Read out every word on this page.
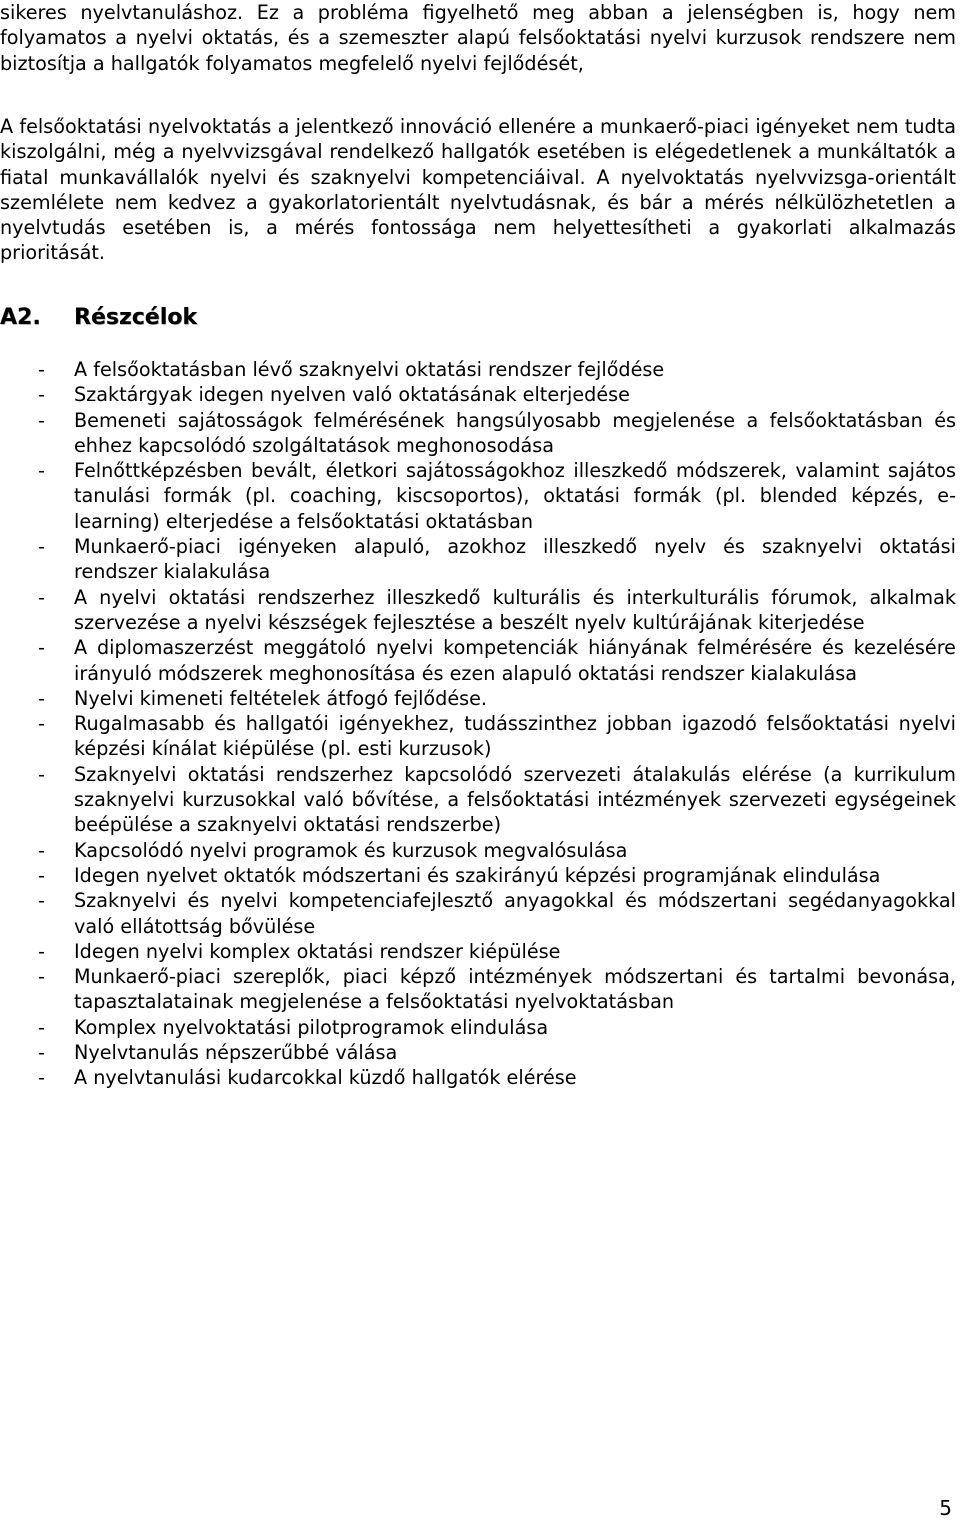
sikeres nyelvtanuláshoz. Ez a probléma figyelhető meg abban a jelenségben is, hogy nem folyamatos a nyelvi oktatás, és a szemeszter alapú felsőoktatási nyelvi kurzusok rendszere nem biztosítja a hallgatók folyamatos megfelelő nyelvi fejlődését,

A felsőoktatási nyelvoktatás a jelentkező innováció ellenére a munkaerő-piaci igényeket nem tudta kiszolgálni, még a nyelvvizsgával rendelkező hallgatók esetében is elégedetlenek a munkáltatók a fiatal munkavállalók nyelvi és szaknyelvi kompetenciáival. A nyelvoktatás nyelvvizsga-orientált szemlélete nem kedvez a gyakorlatorientált nyelvtudásnak, és bár a mérés nélkülözhetetlen a nyelvtudás esetében is, a mérés fontossága nem helyettesítheti a gyakorlati alkalmazás prioritását.

A2. Részcélok
- A felsőoktatásban lévő szaknyelvi oktatási rendszer fejlődése
- Szaktárgyak idegen nyelven való oktatásának elterjedése
- Bemeneti sajátosságok felmérésének hangsúlyosabb megjelenése a felsőoktatásban és ehhez kapcsolódó szolgáltatások meghonosodása
- Felnőttképzésben bevált, életkori sajátosságokhoz illeszkedő módszerek, valamint sajátos tanulási formák (pl. coaching, kiscsoportos), oktatási formák (pl. blended képzés, e-learning) elterjedése a felsőoktatási oktatásban
- Munkaerő-piaci igényeken alapuló, azokhoz illeszkedő nyelv és szaknyelvi oktatási rendszer kialakulása
- A nyelvi oktatási rendszerhez illeszkedő kulturális és interkulturális fórumok, alkalmak szervezése a nyelvi készségek fejlesztése a beszélt nyelv kultúrájának kiterjedése
- A diplomaszerzést meggátoló nyelvi kompetenciák hiányának felmérésére és kezelésére irányuló módszerek meghonosítása és ezen alapuló oktatási rendszer kialakulása
- Nyelvi kimeneti feltételek átfogó fejlődése.
- Rugalmasabb és hallgatói igényekhez, tudásszinthez jobban igazodó felsőoktatási nyelvi képzési kínálat kiépülése (pl. esti kurzusok)
- Szaknyelvi oktatási rendszerhez kapcsolódó szervezeti átalakulás elérése (a kurrikulum szaknyelvi kurzusokkal való bővítése, a felsőoktatási intézmények szervezeti egységeinek beépülése a szaknyelvi oktatási rendszerbe)
- Kapcsolódó nyelvi programok és kurzusok megvalósulása
- Idegen nyelvet oktatók módszertani és szakirányú képzési programjának elindulása
- Szaknyelvi és nyelvi kompetenciafejlesztő anyagokkal és módszertani segédanyagokkal való ellátottság bővülése
- Idegen nyelvi komplex oktatási rendszer kiépülése
- Munkaerő-piaci szereplők, piaci képző intézmények módszertani és tartalmi bevonása, tapasztalatainak megjelenése a felsőoktatási nyelvoktatásban
- Komplex nyelvoktatási pilotprogramok elindulása
- Nyelvtanulás népszerűbbé válása
- A nyelvtanulási kudarcokkal küzdő hallgatók elérése
5
